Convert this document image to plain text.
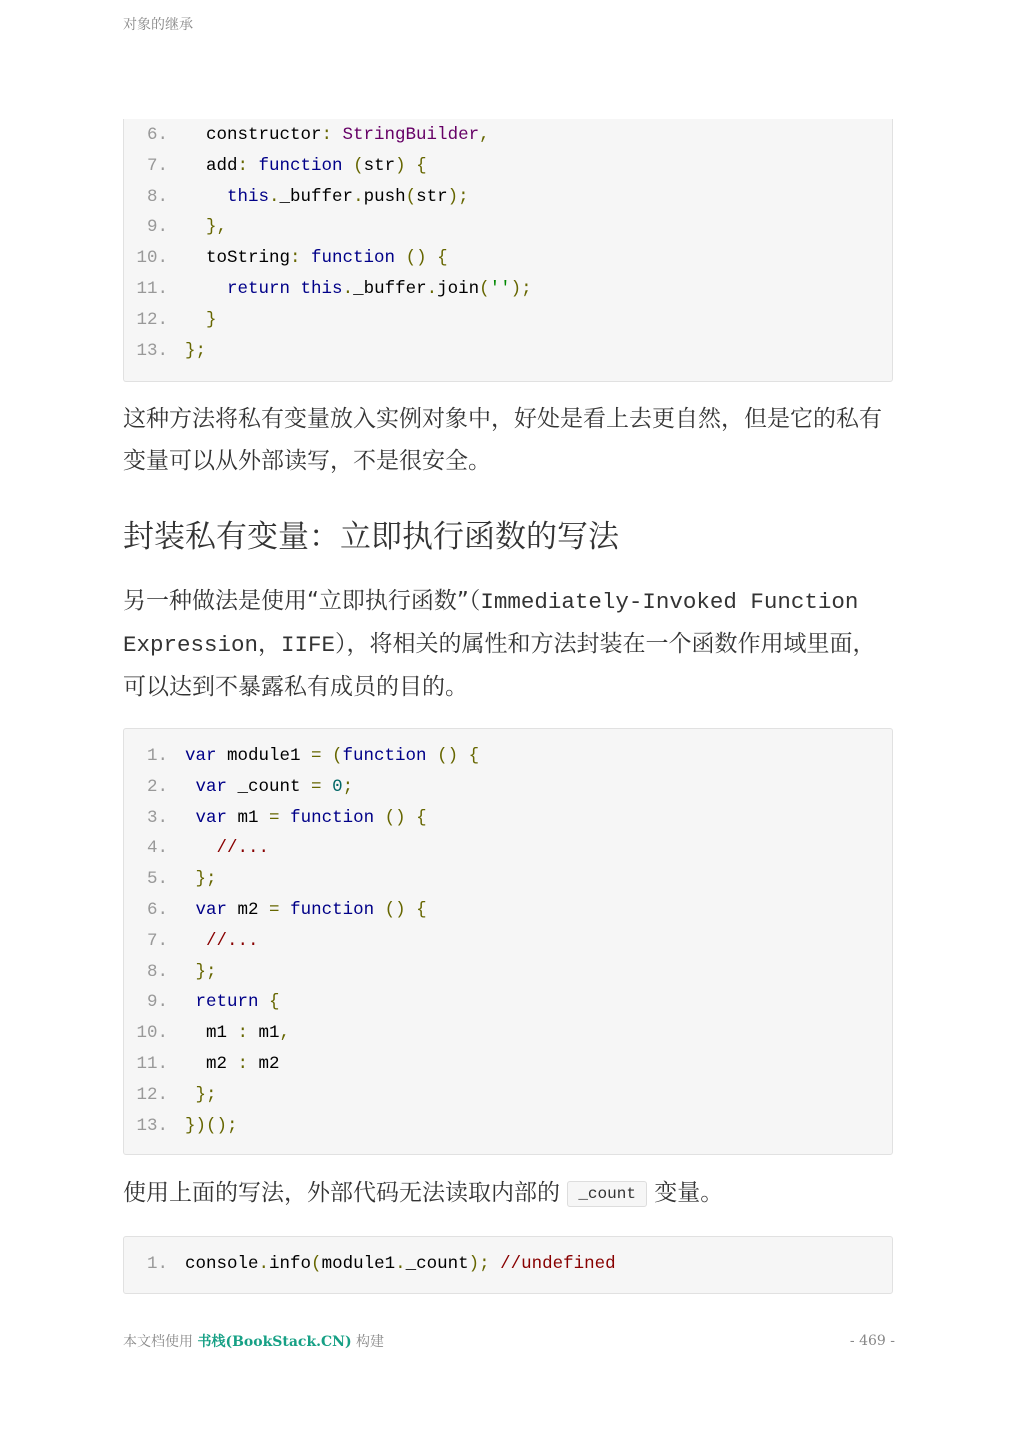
对象的继承
6. constructor: StringBuilder,
7. add: function (str) {
8.	this._buffer.push(str);
9.	},
10. toString: function () {
11.	return this._buffer.join('');
12.	}
13. };
这种方法将私有变量放入实例对象中，好处是看上去更自然，但是它的私有变量可以从外部读写，不是很安全。
封装私有变量：立即执行函数的写法
另一种做法是使用“立即执行函数”（Immediately-Invoked Function Expression，IIFE），将相关的属性和方法封装在一个函数作用域里面，可以达到不暴露私有成员的目的。
1. var module1 = (function () {
2.	var _count = 0;
3.	var m1 = function () {
4.	//...
5.	};
6.	var m2 = function () {
7.	//...
8.	};
9.	return {
10. m1 : m1,
11. m2 : m2
12.	};
13. })();
使用上面的写法，外部代码无法读取内部的 _count 变量。
1. console.info(module1._count); //undefined
本文档使用 书栈(BookStack.CN) 构建	- 469 -
